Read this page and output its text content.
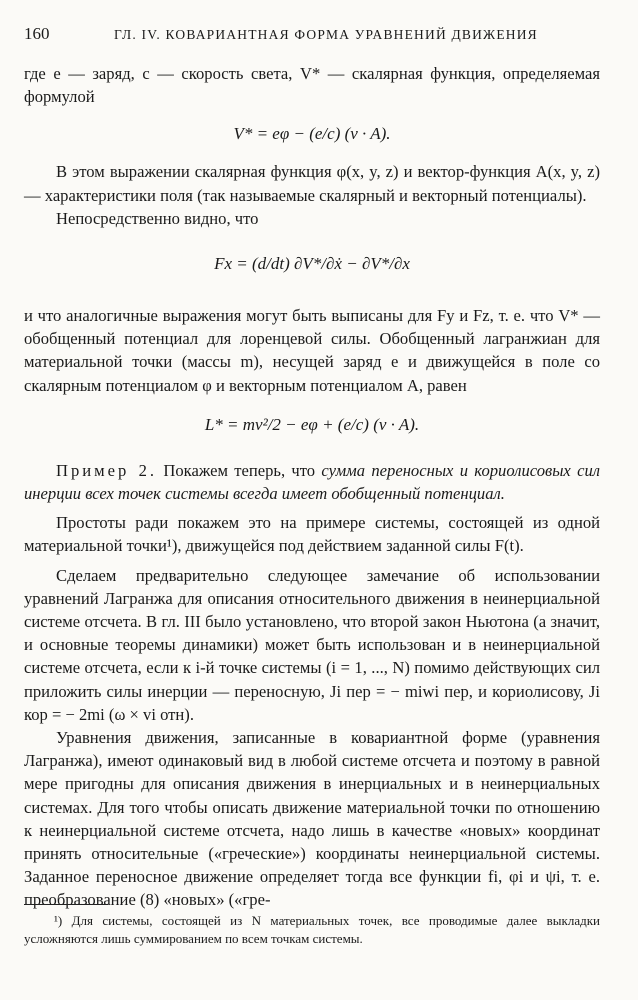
160	ГЛ. IV. КОВАРИАНТНАЯ ФОРМА УРАВНЕНИЙ ДВИЖЕНИЯ

где e — заряд, c — скорость света, V* — скалярная функция, определяемая формулой

V* = eφ − (e/c) (v · A).

В этом выражении скалярная функция φ(x, y, z) и вектор-функция A(x, y, z) — характеристики поля (так называемые скалярный и векторный потенциалы).

Непосредственно видно, что

Fx = (d/dt) ∂V*/∂ẋ − ∂V*/∂x

и что аналогичные выражения могут быть выписаны для Fy и Fz, т. е. что V* — обобщенный потенциал для лоренцевой силы. Обобщенный лагранжиан для материальной точки (массы m), несущей заряд e и движущейся в поле со скалярным потенциалом φ и векторным потенциалом A, равен

L* = mv²/2 − eφ + (e/c) (v · A).

Пример 2. Покажем теперь, что сумма переносных и кориолисовых сил инерции всех точек системы всегда имеет обобщенный потенциал.

Простоты ради покажем это на примере системы, состоящей из одной материальной точки¹), движущейся под действием заданной силы F(t).

Сделаем предварительно следующее замечание об использовании уравнений Лагранжа для описания относительного движения в неинерциальной системе отсчета. В гл. III было установлено, что второй закон Ньютона (а значит, и основные теоремы динамики) может быть использован и в неинерциальной системе отсчета, если к i-й точке системы (i = 1, ..., N) помимо действующих сил приложить силы инерции — переносную, Ji пер = − miwi пер, и кориолисову, Ji кор = − 2mi (ω × vi отн).

Уравнения движения, записанные в ковариантной форме (уравнения Лагранжа), имеют одинаковый вид в любой системе отсчета и поэтому в равной мере пригодны для описания движения в инерциальных и в неинерциальных системах. Для того чтобы описать движение материальной точки по отношению к неинерциальной системе отсчета, надо лишь в качестве «новых» координат принять относительные («греческие») координаты неинерциальной системы. Заданное переносное движение определяет тогда все функции fi, φi и ψi, т. е. преобразование (8) «новых» («гре-

¹) Для системы, состоящей из N материальных точек, все проводимые далее выкладки усложняются лишь суммированием по всем точкам системы.
